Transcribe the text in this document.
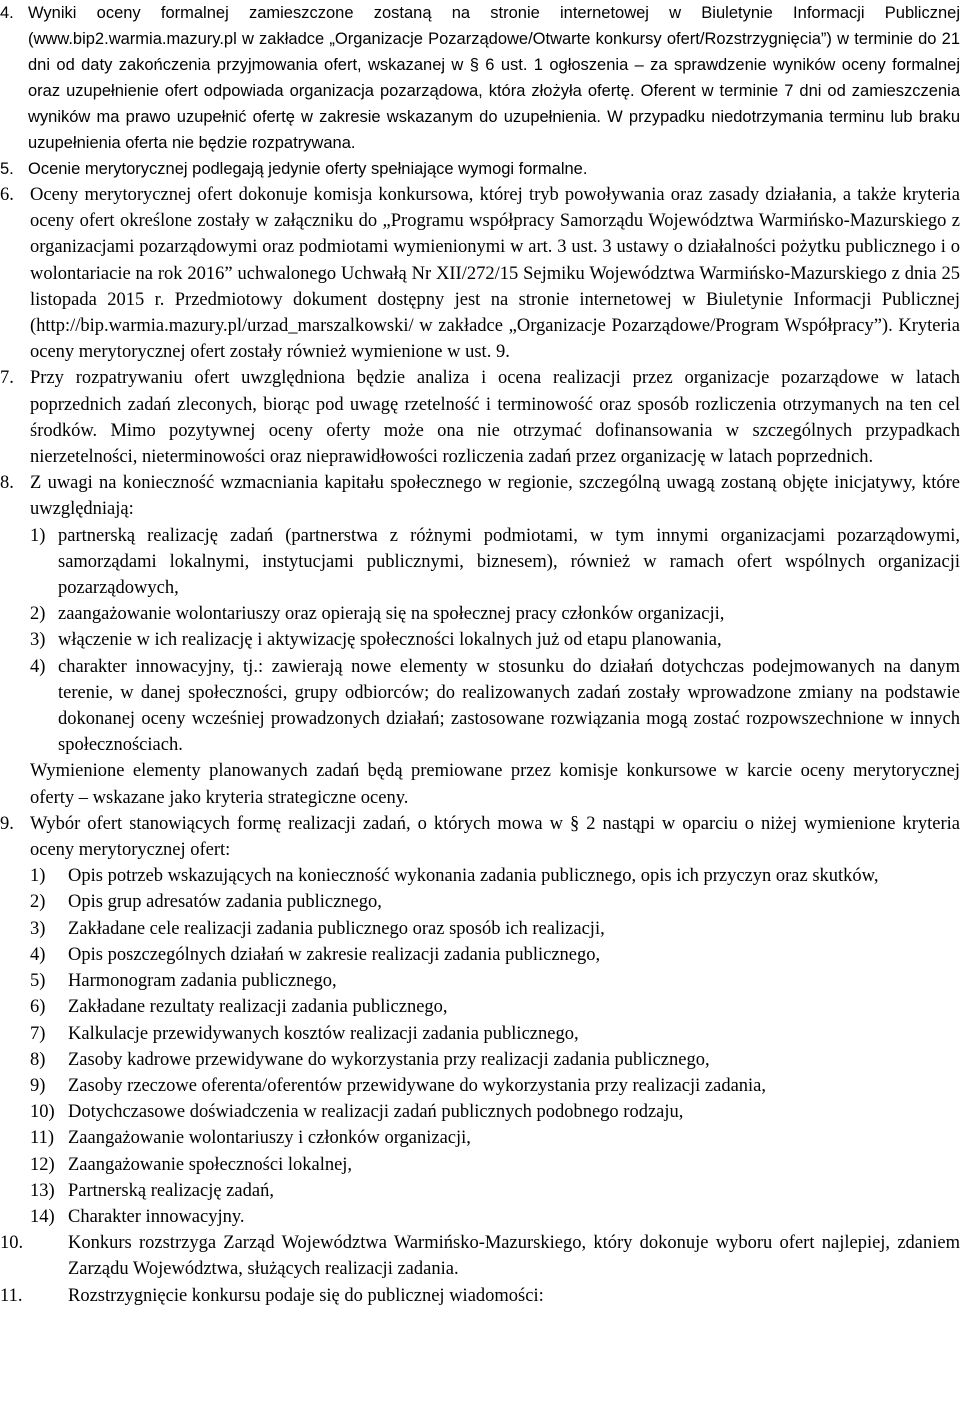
4. Wyniki oceny formalnej zamieszczone zostaną na stronie internetowej w Biuletynie Informacji Publicznej (www.bip2.warmia.mazury.pl w zakładce „Organizacje Pozarządowe/Otwarte konkursy ofert/Rozstrzygnięcia”) w terminie do 21 dni od daty zakończenia przyjmowania ofert, wskazanej w § 6 ust. 1 ogłoszenia – za sprawdzenie wyników oceny formalnej oraz uzupełnienie ofert odpowiada organizacja pozarządowa, która złożyła ofertę. Oferent w terminie 7 dni od zamieszczenia wyników ma prawo uzupełnić ofertę w zakresie wskazanym do uzupełnienia. W przypadku niedotrzymania terminu lub braku uzupełnienia oferta nie będzie rozpatrywana.
5. Ocenie merytorycznej podlegają jedynie oferty spełniające wymogi formalne.
6. Oceny merytorycznej ofert dokonuje komisja konkursowa, której tryb powoływania oraz zasady działania, a także kryteria oceny ofert określone zostały w załączniku do „Programu współpracy Samorządu Województwa Warmińsko-Mazurskiego z organizacjami pozarządowymi oraz podmiotami wymienionymi w art. 3 ust. 3 ustawy o działalności pożytku publicznego i o wolontariacie na rok 2016” uchwalonego Uchwałą Nr XII/272/15 Sejmiku Województwa Warmińsko-Mazurskiego z dnia 25 listopada 2015 r. Przedmiotowy dokument dostępny jest na stronie internetowej w Biuletynie Informacji Publicznej (http://bip.warmia.mazury.pl/urzad_marszalkowski/ w zakładce „Organizacje Pozarządowe/Program Współpracy”). Kryteria oceny merytorycznej ofert zostały również wymienione w ust. 9.
7. Przy rozpatrywaniu ofert uwzględniona będzie analiza i ocena realizacji przez organizacje pozarządowe w latach poprzednich zadań zleconych, biorąc pod uwagę rzetelność i terminowość oraz sposób rozliczenia otrzymanych na ten cel środków. Mimo pozytywnej oceny oferty może ona nie otrzymać dofinansowania w szczególnych przypadkach nierzetelności, nieterminowości oraz nieprawidłowości rozliczenia zadań przez organizację w latach poprzednich.
8. Z uwagi na konieczność wzmacniania kapitału społecznego w regionie, szczególną uwagą zostaną objęte inicjatywy, które uwzględniają:
1) partnerską realizację zadań (partnerstwa z różnymi podmiotami, w tym innymi organizacjami pozarządowymi, samorządami lokalnymi, instytucjami publicznymi, biznesem), również w ramach ofert wspólnych organizacji pozarządowych,
2) zaangażowanie wolontariuszy oraz opierają się na społecznej pracy członków organizacji,
3) włączenie w ich realizację i aktywizację społeczności lokalnych już od etapu planowania,
4) charakter innowacyjny, tj.: zawierają nowe elementy w stosunku do działań dotychczas podejmowanych na danym terenie, w danej społeczności, grupy odbiorców; do realizowanych zadań zostały wprowadzone zmiany na podstawie dokonanej oceny wcześniej prowadzonych działań; zastosowane rozwiązania mogą zostać rozpowszechnione w innych społecznościach.
Wymienione elementy planowanych zadań będą premiowane przez komisje konkursowe w karcie oceny merytorycznej oferty – wskazane jako kryteria strategiczne oceny.
9. Wybór ofert stanowiących formę realizacji zadań, o których mowa w § 2 nastąpi w oparciu o niżej wymienione kryteria oceny merytorycznej ofert:
1) Opis potrzeb wskazujących na konieczność wykonania zadania publicznego, opis ich przyczyn oraz skutków,
2) Opis grup adresatów zadania publicznego,
3) Zakładane cele realizacji zadania publicznego oraz sposób ich realizacji,
4) Opis poszczególnych działań w zakresie realizacji zadania publicznego,
5) Harmonogram zadania publicznego,
6) Zakładane rezultaty realizacji zadania publicznego,
7) Kalkulacje przewidywanych kosztów realizacji zadania publicznego,
8) Zasoby kadrowe przewidywane do wykorzystania przy realizacji zadania publicznego,
9) Zasoby rzeczowe oferenta/oferentów przewidywane do wykorzystania przy realizacji zadania,
10) Dotychczasowe doświadczenia w realizacji zadań publicznych podobnego rodzaju,
11) Zaangażowanie wolontariuszy i członków organizacji,
12) Zaangażowanie społeczności lokalnej,
13) Partnerską realizację zadań,
14) Charakter innowacyjny.
10. Konkurs rozstrzyga Zarząd Województwa Warmińsko-Mazurskiego, który dokonuje wyboru ofert najlepiej, zdaniem Zarządu Województwa, służących realizacji zadania.
11. Rozstrzygnięcie konkursu podaje się do publicznej wiadomości:
